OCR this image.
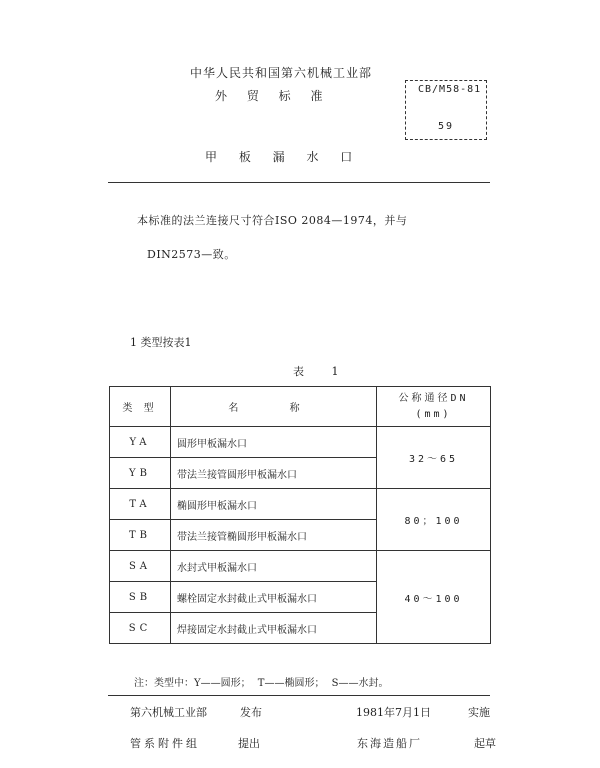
中华人民共和国第六机械工业部
外 贸 标 准	CB/M58-81
59
甲 板 漏 水 口
本标准的法兰连接尺寸符合ISO 2084—1974，并与
DIN2573—致。
1 类型按表1
表 1
类 型	名 称	公称通径DN
(mm)

YA	圆形甲板漏水口	32～65
YB	带法兰接管圆形甲板漏水口	
TA	椭圆形甲板漏水口	80；100
TB	带法兰接管椭圆形甲板漏水口	
SA	水封式甲板漏水口	40～100
SB	螺栓固定水封截止式甲板漏水口	
SC	焊接固定水封截止式甲板漏水口	
注：类型中：Y——圆形； T——椭圆形； S——水封。
第六机械工业部	发布	1981年7月1日	实施
管系附件组	提出	东海造船厂	起草
